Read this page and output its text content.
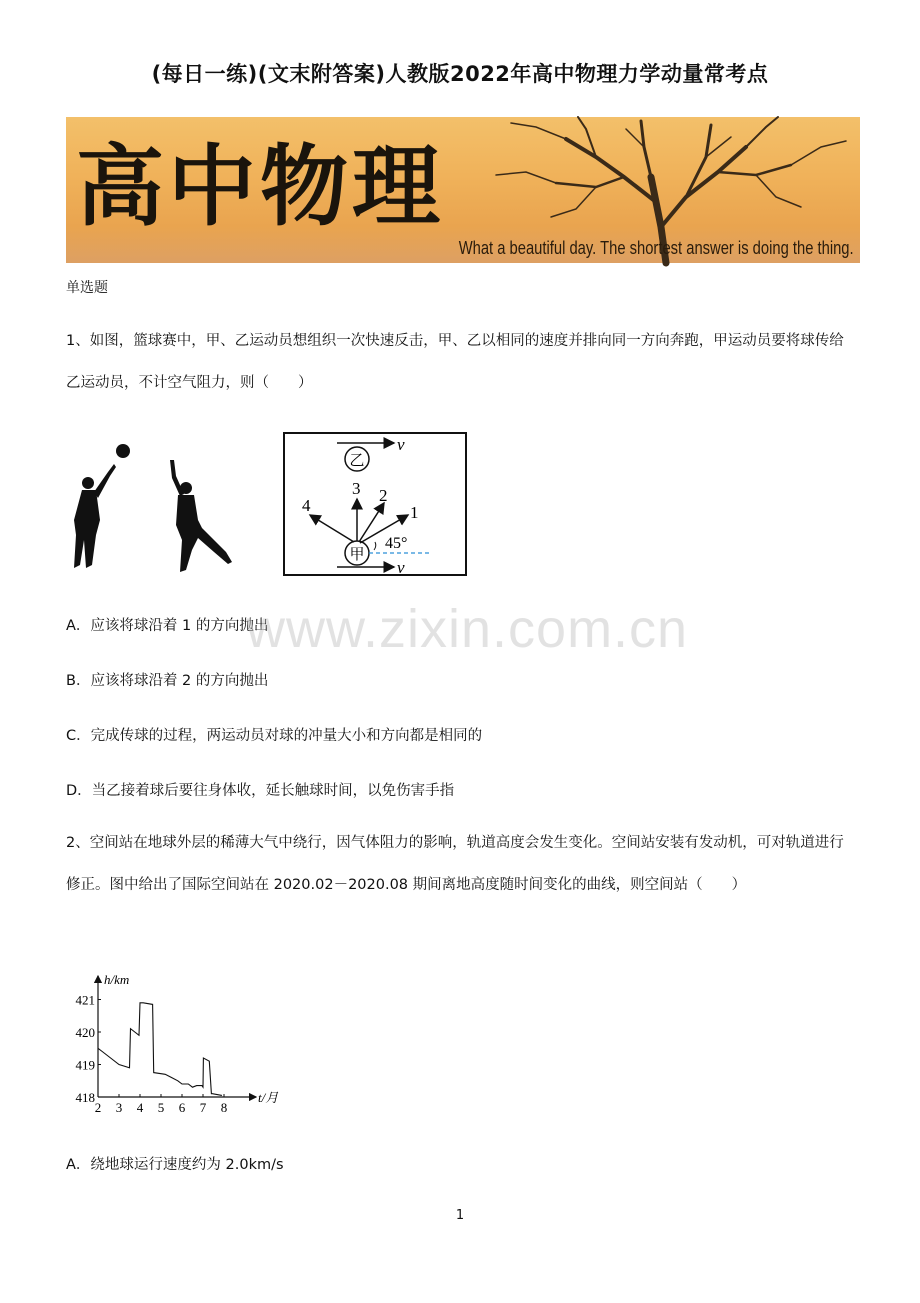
(每日一练)(文末附答案)人教版2022年高中物理力学动量常考点
高中物理
What a beautiful day. The shortest answer is doing the thing.
单选题
1、如图，篮球赛中，甲、乙运动员想组织一次快速反击，甲、乙以相同的速度并排向同一方向奔跑，甲运动员要将球传给乙运动员，不计空气阻力，则（　　）
乙
v
甲
v
1
2
3
4
45°
A．应该将球沿着 1 的方向抛出
B．应该将球沿着 2 的方向抛出
C．完成传球的过程，两运动员对球的冲量大小和方向都是相同的
D．当乙接着球后要往身体收，延长触球时间，以免伤害手指
2、空间站在地球外层的稀薄大气中绕行，因气体阻力的影响，轨道高度会发生变化。空间站安装有发动机，可对轨道进行修正。图中给出了国际空间站在 2020.02－2020.08 期间离地高度随时间变化的曲线，则空间站（　　）
h/km
t/月
2 3 4 5 6 7 8
418
419
420
421
A．绕地球运行速度约为 2.0km/s
www.zixin.com.cn
1
